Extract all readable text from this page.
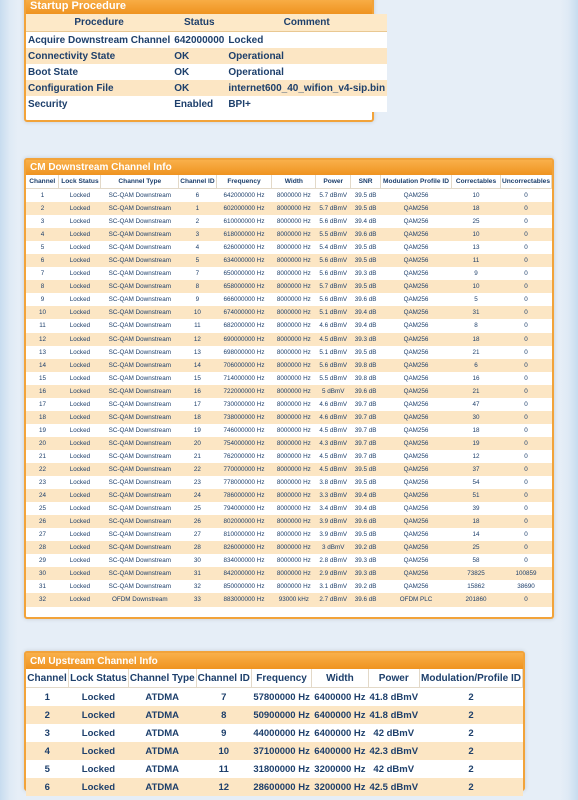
Startup Procedure
Procedure	Status	Comment
Acquire Downstream Channel	642000000	Locked
Connectivity State	OK	Operational
Boot State	OK	Operational
Configuration File	OK	internet600_40_wifion_v4-sip.bin
Security	Enabled	BPI+
CM Downstream Channel Info
Channel	Lock Status	Channel Type	Channel ID	Frequency	Width	Power	SNR	Modulation Profile ID	Correctables	Uncorrectables
1	Locked	SC-QAM Downstream	6	642000000 Hz	8000000 Hz	5.7 dBmV	39.5 dB	QAM256	10	0
2	Locked	SC-QAM Downstream	1	602000000 Hz	8000000 Hz	5.7 dBmV	39.5 dB	QAM256	18	0
3	Locked	SC-QAM Downstream	2	610000000 Hz	8000000 Hz	5.6 dBmV	39.4 dB	QAM256	25	0
4	Locked	SC-QAM Downstream	3	618000000 Hz	8000000 Hz	5.5 dBmV	39.6 dB	QAM256	10	0
5	Locked	SC-QAM Downstream	4	626000000 Hz	8000000 Hz	5.4 dBmV	39.5 dB	QAM256	13	0
6	Locked	SC-QAM Downstream	5	634000000 Hz	8000000 Hz	5.6 dBmV	39.5 dB	QAM256	11	0
7	Locked	SC-QAM Downstream	7	650000000 Hz	8000000 Hz	5.6 dBmV	39.3 dB	QAM256	9	0
8	Locked	SC-QAM Downstream	8	658000000 Hz	8000000 Hz	5.7 dBmV	39.5 dB	QAM256	10	0
9	Locked	SC-QAM Downstream	9	666000000 Hz	8000000 Hz	5.6 dBmV	39.6 dB	QAM256	5	0
10	Locked	SC-QAM Downstream	10	674000000 Hz	8000000 Hz	5.1 dBmV	39.4 dB	QAM256	31	0
11	Locked	SC-QAM Downstream	11	682000000 Hz	8000000 Hz	4.6 dBmV	39.4 dB	QAM256	8	0
12	Locked	SC-QAM Downstream	12	690000000 Hz	8000000 Hz	4.5 dBmV	39.3 dB	QAM256	18	0
13	Locked	SC-QAM Downstream	13	698000000 Hz	8000000 Hz	5.1 dBmV	39.5 dB	QAM256	21	0
14	Locked	SC-QAM Downstream	14	706000000 Hz	8000000 Hz	5.6 dBmV	39.8 dB	QAM256	6	0
15	Locked	SC-QAM Downstream	15	714000000 Hz	8000000 Hz	5.5 dBmV	39.8 dB	QAM256	16	0
16	Locked	SC-QAM Downstream	16	722000000 Hz	8000000 Hz	5 dBmV	39.6 dB	QAM256	21	0
17	Locked	SC-QAM Downstream	17	730000000 Hz	8000000 Hz	4.6 dBmV	39.7 dB	QAM256	47	0
18	Locked	SC-QAM Downstream	18	738000000 Hz	8000000 Hz	4.6 dBmV	39.7 dB	QAM256	30	0
19	Locked	SC-QAM Downstream	19	746000000 Hz	8000000 Hz	4.5 dBmV	39.7 dB	QAM256	18	0
20	Locked	SC-QAM Downstream	20	754000000 Hz	8000000 Hz	4.3 dBmV	39.7 dB	QAM256	19	0
21	Locked	SC-QAM Downstream	21	762000000 Hz	8000000 Hz	4.5 dBmV	39.7 dB	QAM256	12	0
22	Locked	SC-QAM Downstream	22	770000000 Hz	8000000 Hz	4.5 dBmV	39.5 dB	QAM256	37	0
23	Locked	SC-QAM Downstream	23	778000000 Hz	8000000 Hz	3.8 dBmV	39.5 dB	QAM256	54	0
24	Locked	SC-QAM Downstream	24	786000000 Hz	8000000 Hz	3.3 dBmV	39.4 dB	QAM256	51	0
25	Locked	SC-QAM Downstream	25	794000000 Hz	8000000 Hz	3.4 dBmV	39.4 dB	QAM256	39	0
26	Locked	SC-QAM Downstream	26	802000000 Hz	8000000 Hz	3.9 dBmV	39.6 dB	QAM256	18	0
27	Locked	SC-QAM Downstream	27	810000000 Hz	8000000 Hz	3.9 dBmV	39.5 dB	QAM256	14	0
28	Locked	SC-QAM Downstream	28	826000000 Hz	8000000 Hz	3 dBmV	39.2 dB	QAM256	25	0
29	Locked	SC-QAM Downstream	30	834000000 Hz	8000000 Hz	2.8 dBmV	39.3 dB	QAM256	58	0
30	Locked	SC-QAM Downstream	31	842000000 Hz	8000000 Hz	2.9 dBmV	39.3 dB	QAM256	73825	100859
31	Locked	SC-QAM Downstream	32	850000000 Hz	8000000 Hz	3.1 dBmV	39.2 dB	QAM256	15862	38690
32	Locked	OFDM Downstream	33	883000000 Hz	93000 kHz	2.7 dBmV	39.6 dB	OFDM PLC	201860	0
CM Upstream Channel Info
Channel	Lock Status	Channel Type	Channel ID	Frequency	Width	Power	Modulation/Profile ID
1	Locked	ATDMA	7	57800000 Hz	6400000 Hz	41.8 dBmV	2
2	Locked	ATDMA	8	50900000 Hz	6400000 Hz	41.8 dBmV	2
3	Locked	ATDMA	9	44000000 Hz	6400000 Hz	42 dBmV	2
4	Locked	ATDMA	10	37100000 Hz	6400000 Hz	42.3 dBmV	2
5	Locked	ATDMA	11	31800000 Hz	3200000 Hz	42 dBmV	2
6	Locked	ATDMA	12	28600000 Hz	3200000 Hz	42.5 dBmV	2
